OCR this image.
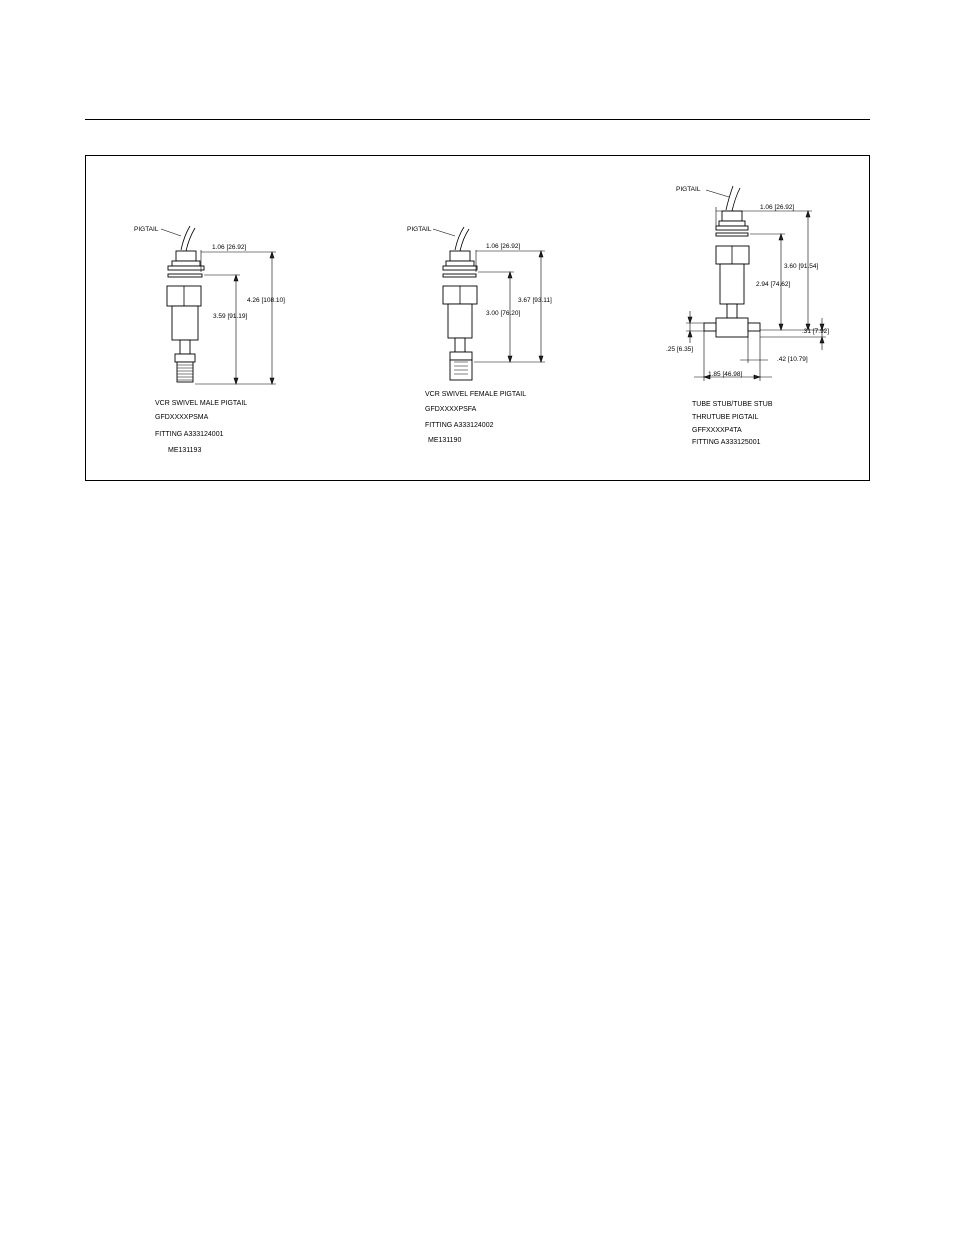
PIGTAIL
1.06 [26.92]
4.26 [108.10]
3.59 [91.19]
VCR SWIVEL MALE PIGTAIL
GFDXXXXPSMA
FITTING A333124001
ME131193
PIGTAIL
1.06 [26.92]
3.67 [93.11]
3.00 [76.20]
VCR SWIVEL FEMALE PIGTAIL
GFDXXXXPSFA
FITTING A333124002
ME131190
PIGTAIL
1.06 [26.92]
3.60 [91.54]
2.94 [74.62]
.31 [7.92]
.25 [6.35]
.42 [10.79]
1.85 [46.98]
TUBE STUB/TUBE STUB
THRUTUBE PIGTAIL
GFFXXXXP4TA
FITTING A333125001
